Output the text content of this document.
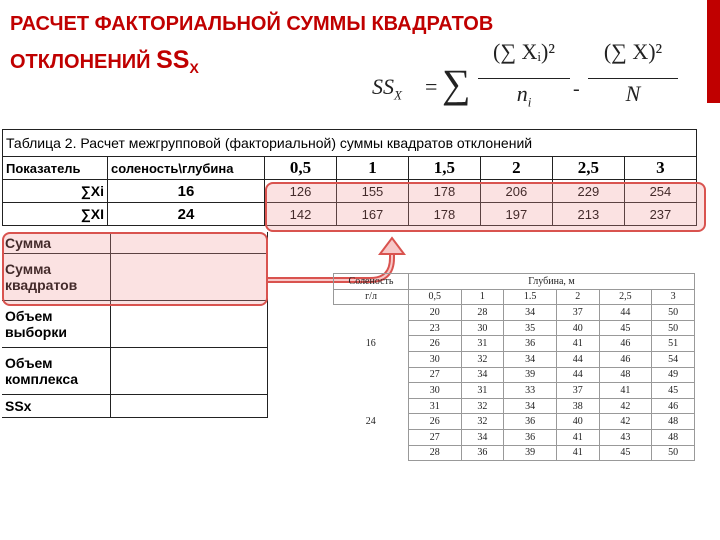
РАСЧЕТ ФАКТОРИАЛЬНОЙ СУММЫ КВАДРАТОВ
ОТКЛОНЕНИЙ $SS_X$
$SS_X$ = ∑
(∑ Xᵢ)²
$n_i$
-
(∑ X)²
N
Таблица 2. Расчет межгрупповой (факториальной) суммы квадратов отклонений							
Показатель	соленость\глубина	0,5	1	1,5	2	2,5	3
∑Xi	16	126	155	178	206	229	254
∑XI	24	142	167	178	197	213	237
Сумма	
Сумма квадратов	
Объем выборки	
Объем комплекса	
SSx	
Соленость	Глубина, м					
г/л	0,5	1	1.5	2	2,5	3
	20	28	34	37	44	50
	23	30	35	40	45	50
16	26	31	36	41	46	51
	30	32	34	44	46	54
	27	34	39	44	48	49
	30	31	33	37	41	45
	31	32	34	38	42	46
24	26	32	36	40	42	48
	27	34	36	41	43	48
	28	36	39	41	45	50
